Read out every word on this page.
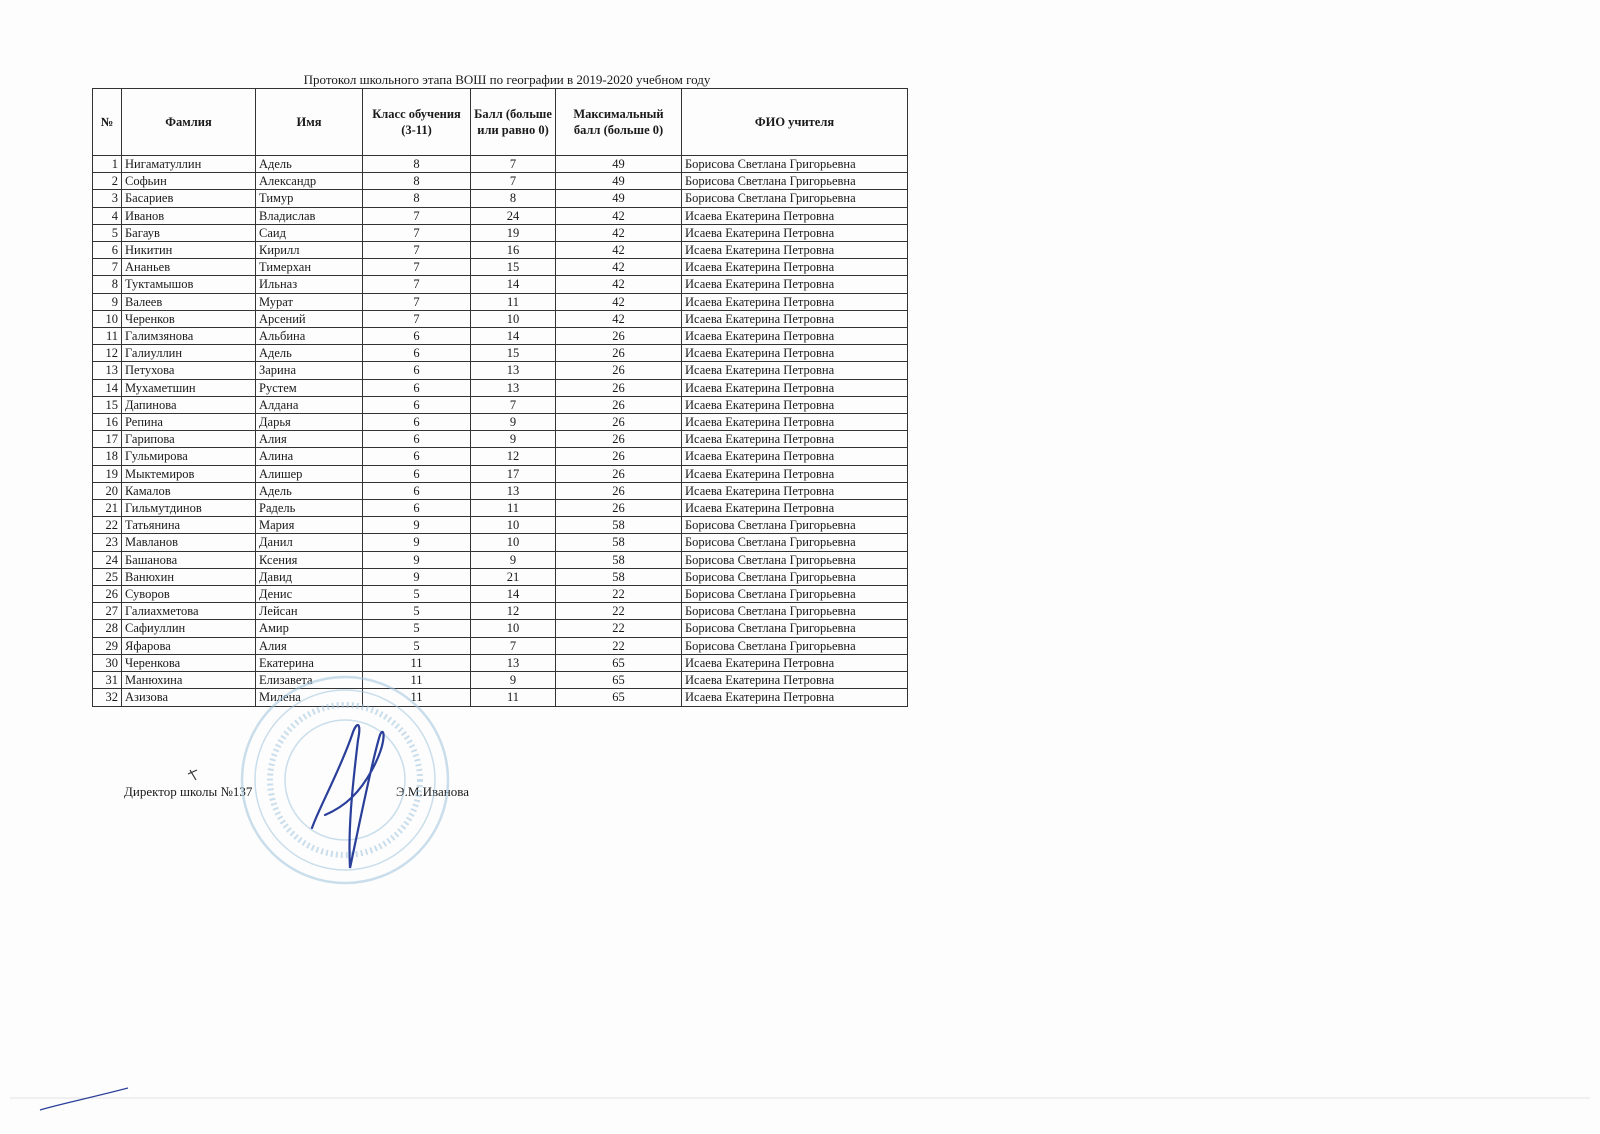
Протокол школьного этапа ВОШ по географии в 2019-2020 учебном году
№	Фамлия	Имя	Класс обучения (3-11)	Балл (больше или равно 0)	Максимальный балл (больше 0)	ФИО учителя
1	Нигаматуллин	Адель	8	7	49	Борисова Светлана Григорьевна
2	Софьин	Александр	8	7	49	Борисова Светлана Григорьевна
3	Басариев	Тимур	8	8	49	Борисова Светлана Григорьевна
4	Иванов	Владислав	7	24	42	Исаева Екатерина Петровна
5	Багаув	Саид	7	19	42	Исаева Екатерина Петровна
6	Никитин	Кирилл	7	16	42	Исаева Екатерина Петровна
7	Ананьев	Тимерхан	7	15	42	Исаева Екатерина Петровна
8	Туктамышов	Ильназ	7	14	42	Исаева Екатерина Петровна
9	Валеев	Мурат	7	11	42	Исаева Екатерина Петровна
10	Черенков	Арсений	7	10	42	Исаева Екатерина Петровна
11	Галимзянова	Альбина	6	14	26	Исаева Екатерина Петровна
12	Галиуллин	Адель	6	15	26	Исаева Екатерина Петровна
13	Петухова	Зарина	6	13	26	Исаева Екатерина Петровна
14	Мухаметшин	Рустем	6	13	26	Исаева Екатерина Петровна
15	Дапинова	Алдана	6	7	26	Исаева Екатерина Петровна
16	Репина	Дарья	6	9	26	Исаева Екатерина Петровна
17	Гарипова	Алия	6	9	26	Исаева Екатерина Петровна
18	Гульмирова	Алина	6	12	26	Исаева Екатерина Петровна
19	Мыктемиров	Алишер	6	17	26	Исаева Екатерина Петровна
20	Камалов	Адель	6	13	26	Исаева Екатерина Петровна
21	Гильмутдинов	Радель	6	11	26	Исаева Екатерина Петровна
22	Татьянина	Мария	9	10	58	Борисова Светлана Григорьевна
23	Мавланов	Данил	9	10	58	Борисова Светлана Григорьевна
24	Башанова	Ксения	9	9	58	Борисова Светлана Григорьевна
25	Ванюхин	Давид	9	21	58	Борисова Светлана Григорьевна
26	Суворов	Денис	5	14	22	Борисова Светлана Григорьевна
27	Галиахметова	Лейсан	5	12	22	Борисова Светлана Григорьевна
28	Сафиуллин	Амир	5	10	22	Борисова Светлана Григорьевна
29	Яфарова	Алия	5	7	22	Борисова Светлана Григорьевна
30	Черенкова	Екатерина	11	13	65	Исаева Екатерина Петровна
31	Манюхина	Елизавета	11	9	65	Исаева Екатерина Петровна
32	Азизова	Милена	11	11	65	Исаева Екатерина Петровна
Директор школы №137	Э.М.Иванова
